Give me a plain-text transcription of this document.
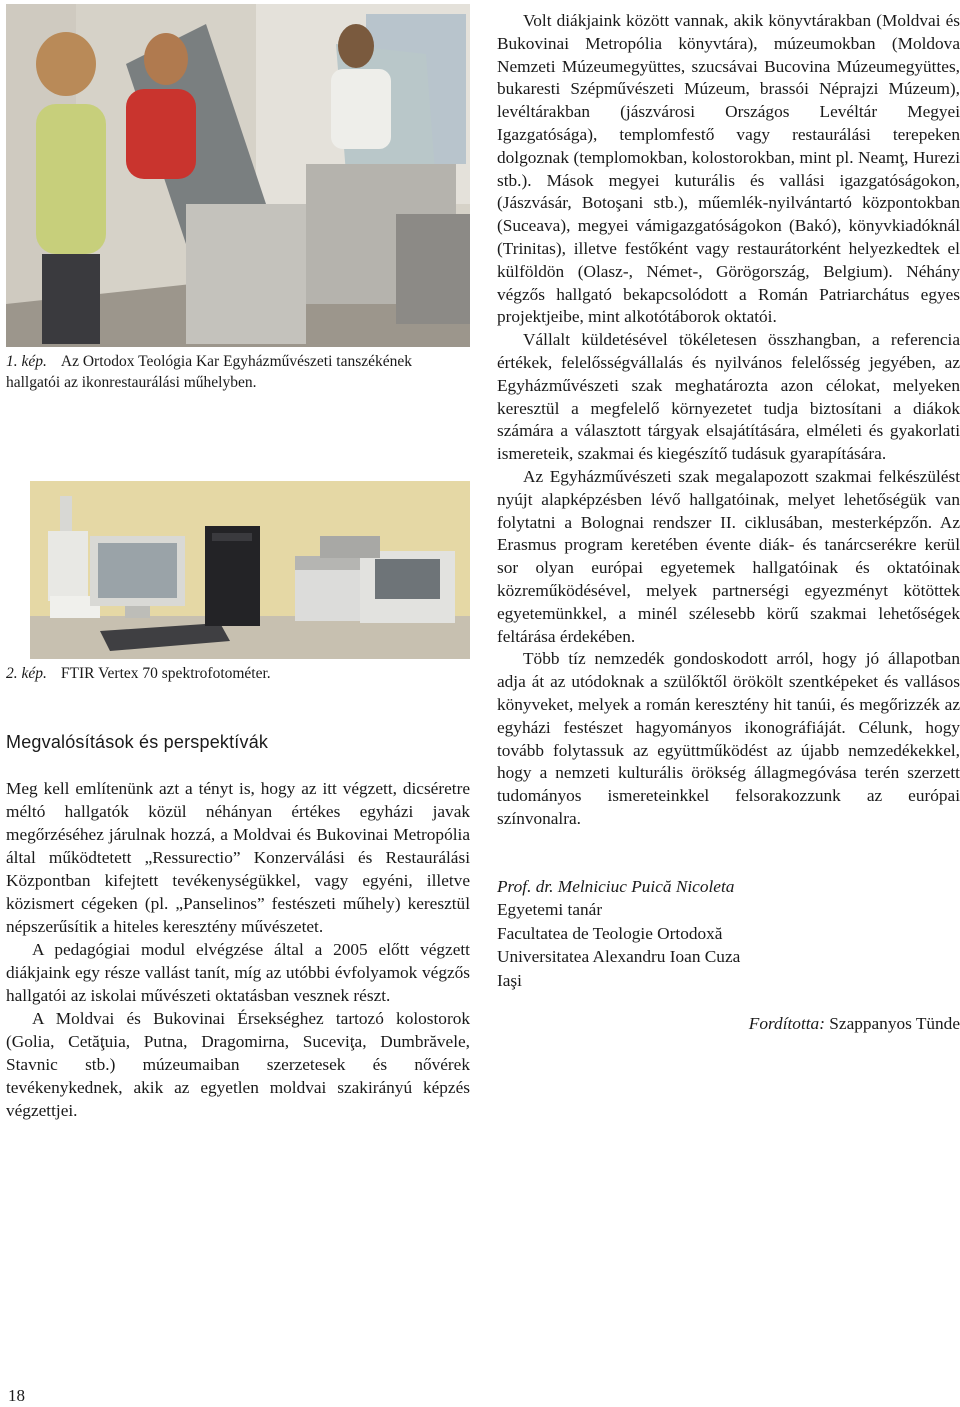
1. kép. Az Ortodox Teológia Kar Egyházművészeti tanszékének hallgatói az ikonrestaurálási műhelyben.
2. kép. FTIR Vertex 70 spektrofotométer.
Megvalósítások és perspektívák

Meg kell említenünk azt a tényt is, hogy az itt végzett, dicséretre méltó hallgatók közül néhányan értékes egyházi javak megőrzéséhez járulnak hozzá, a Moldvai és Bukovinai Metropólia által működtetett „Ressurectio” Konzerválási és Restaurálási Központban kifejtett tevékenységükkel, vagy egyéni, illetve közismert cégeken (pl. „Panselinos” festészeti műhely) keresztül népszerűsítik a hiteles keresztény művészetet.

A pedagógiai modul elvégzése által a 2005 előtt végzett diákjaink egy része vallást tanít, míg az utóbbi évfolyamok végzős hallgatói az iskolai művészeti oktatásban vesznek részt.

A Moldvai és Bukovinai Érsekséghez tartozó kolostorok (Golia, Cetăţuia, Putna, Dragomirna, Suceviţa, Dumbrăvele, Stavnic stb.) múzeumaiban szerzetesek és nővérek tevékenykednek, akik az egyetlen moldvai szakirányú képzés végzettjei.

Volt diákjaink között vannak, akik könyvtárakban (Moldvai és Bukovinai Metropólia könyvtára), múzeumokban (Moldova Nemzeti Múzeumegyüttes, szucsávai Bucovina Múzeumegyüttes, bukaresti Szépművészeti Múzeum, brassói Néprajzi Múzeum), levéltárakban (jászvárosi Országos Levéltár Megyei Igazgatósága), templomfestő vagy restaurálási terepeken dolgoznak (templomokban, kolostorokban, mint pl. Neamţ, Hurezi stb.). Mások megyei kuturális és vallási igazgatóságokon, (Jászvásár, Botoşani stb.), műemlék-nyilvántartó központokban (Suceava), megyei vámigazgatóságokon (Bakó), könyvkiadóknál (Trinitas), illetve festőként vagy restaurátorként helyezkedtek el külföldön (Olasz-, Német-, Görögország, Belgium). Néhány végzős hallgató bekapcsolódott a Román Patriarchátus egyes projektjeibe, mint alkotótáborok oktatói.

Vállalt küldetésével tökéletesen összhangban, a referencia értékek, felelősségvállalás és nyilvános felelősség jegyében, az Egyházművészeti szak meghatározta azon célokat, melyeken keresztül a megfelelő környezetet tudja biztosítani a diákok számára a választott tárgyak elsajátítására, elméleti és gyakorlati ismereteik, szakmai és kiegészítő tudásuk gyarapítására.

Az Egyházművészeti szak megalapozott szakmai felkészülést nyújt alapképzésben lévő hallgatóinak, melyet lehetőségük van folytatni a Bolognai rendszer II. ciklusában, mesterképzőn. Az Erasmus program keretében évente diák- és tanárcserékre kerül sor olyan európai egyetemek hallgatóinak és oktatóinak közreműködésével, melyek partnerségi egyezményt kötöttek egyetemünkkel, a minél szélesebb körű szakmai lehetőségek feltárása érdekében.

Több tíz nemzedék gondoskodott arról, hogy jó állapotban adja át az utódoknak a szülőktől örökölt szentképeket és vallásos könyveket, melyek a román keresztény hit tanúi, és megőrizzék az egyházi festészet hagyományos ikonográfiáját. Célunk, hogy tovább folytassuk az együttműködést az újabb nemzedékekkel, hogy a nemzeti kulturális örökség állagmegóvása terén szerzett tudományos ismereteinkkel felsorakozzunk az európai színvonalra.

Prof. dr. Melniciuc Puică Nicoleta
Egyetemi tanár
Facultatea de Teologie Ortodoxă
Universitatea Alexandru Ioan Cuza
Iaşi
Fordította: Szappanyos Tünde
18
